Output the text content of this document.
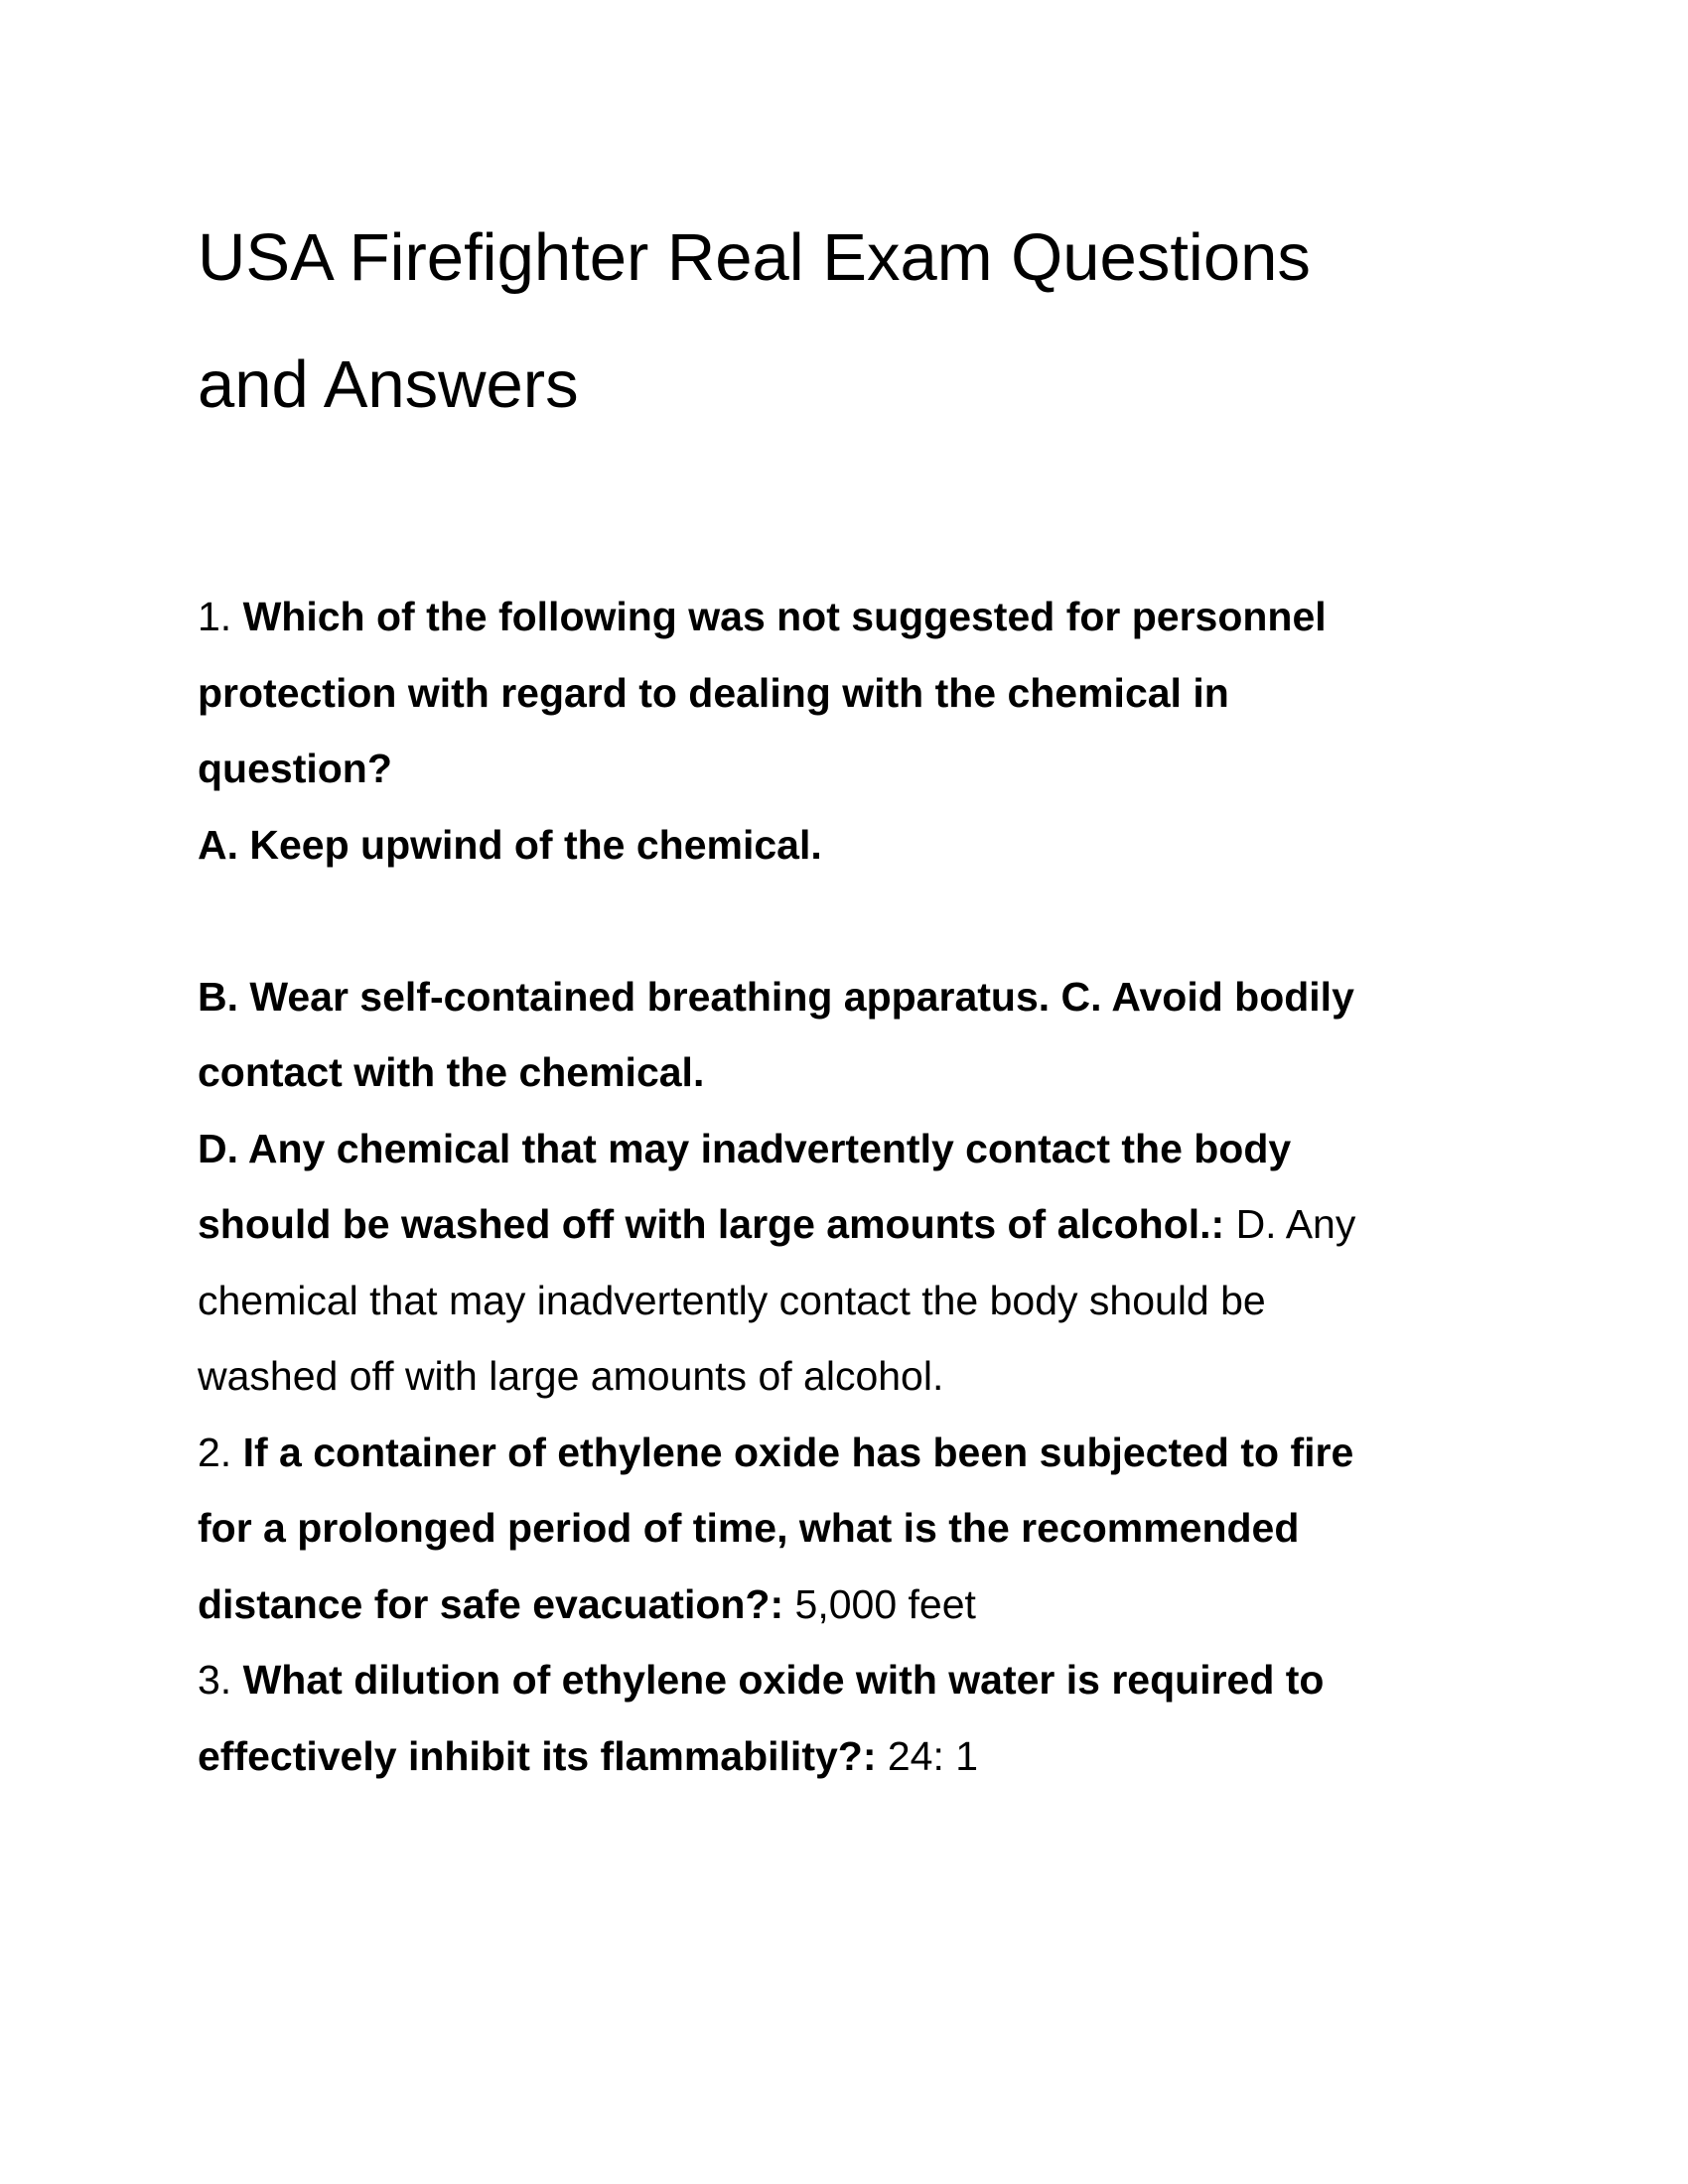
USA Firefighter Real Exam Questions
and Answers
1. Which of the following was not suggested for personnel
protection with regard to dealing with the chemical in
question?
A. Keep upwind of the chemical.
B. Wear self-contained breathing apparatus. C. Avoid bodily
contact with the chemical.
D. Any chemical that may inadvertently contact the body
should be washed off with large amounts of alcohol.: D. Any
chemical that may inadvertently contact the body should be
washed off with large amounts of alcohol.
2. If a container of ethylene oxide has been subjected to fire
for a prolonged period of time, what is the recommended
distance for safe evacuation?: 5,000 feet
3. What dilution of ethylene oxide with water is required to
effectively inhibit its flammability?: 24: 1
